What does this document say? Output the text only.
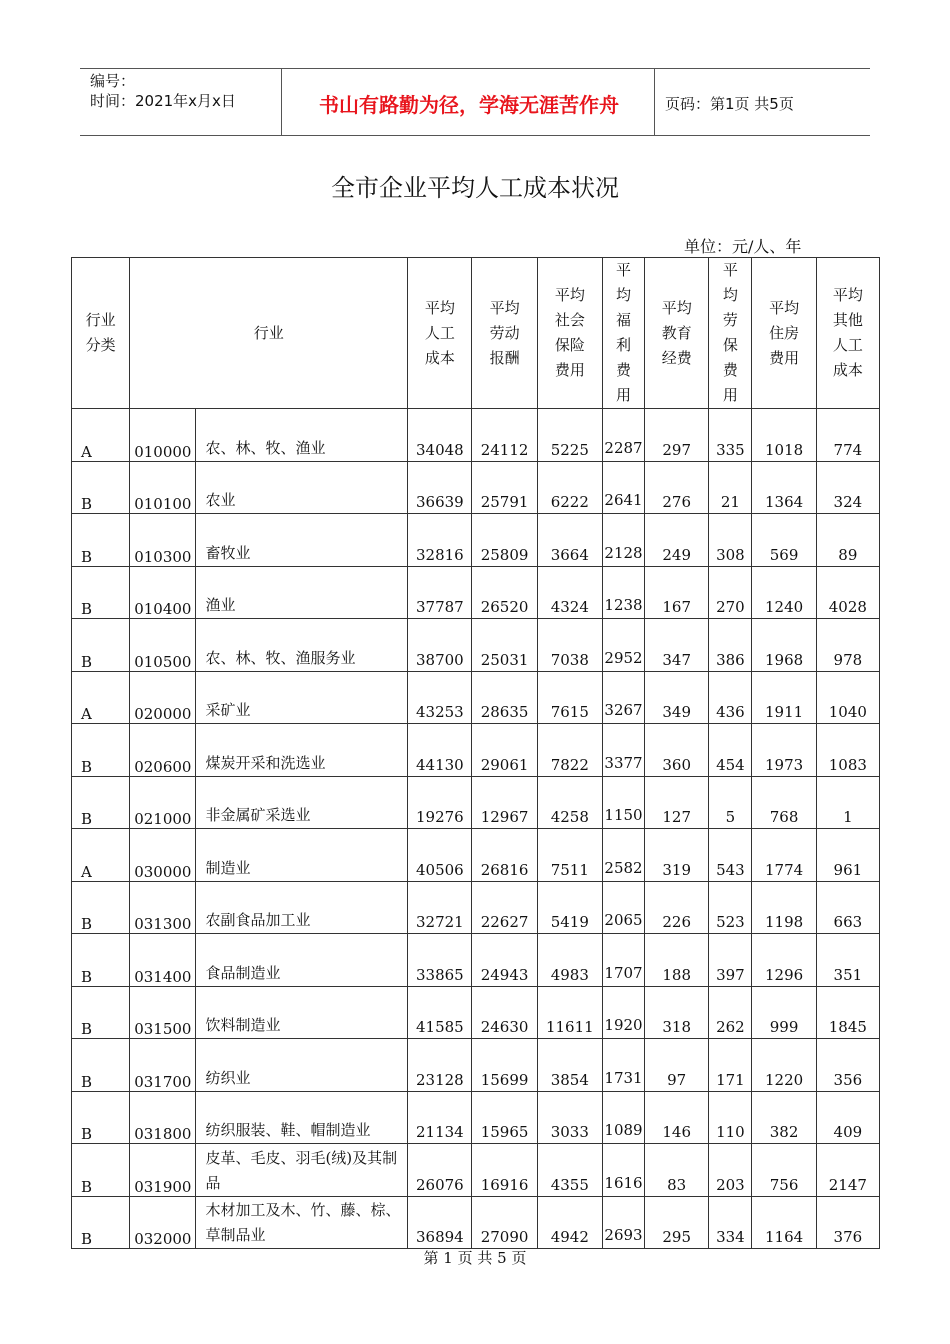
编号：
时间：2021年x月x日	书山有路勤为径，学海无涯苦作舟	页码：第1页 共5页
全市企业平均人工成本状况
单位：元/人、年
行业分类	行业		平均人工成本	平均劳动报酬	平均社会保险费用	平均福利费用	平均教育经费	平均劳保费用	平均住房费用	平均其他人工成本
A	010000	农、林、牧、渔业	34048	24112	5225	2287	297	335	1018	774
B	010100	农业	36639	25791	6222	2641	276	21	1364	324
B	010300	畜牧业	32816	25809	3664	2128	249	308	569	89
B	010400	渔业	37787	26520	4324	1238	167	270	1240	4028
B	010500	农、林、牧、渔服务业	38700	25031	7038	2952	347	386	1968	978
A	020000	采矿业	43253	28635	7615	3267	349	436	1911	1040
B	020600	煤炭开采和洗选业	44130	29061	7822	3377	360	454	1973	1083
B	021000	非金属矿采选业	19276	12967	4258	1150	127	5	768	1
A	030000	制造业	40506	26816	7511	2582	319	543	1774	961
B	031300	农副食品加工业	32721	22627	5419	2065	226	523	1198	663
B	031400	食品制造业	33865	24943	4983	1707	188	397	1296	351
B	031500	饮料制造业	41585	24630	11611	1920	318	262	999	1845
B	031700	纺织业	23128	15699	3854	1731	97	171	1220	356
B	031800	纺织服装、鞋、帽制造业	21134	15965	3033	1089	146	110	382	409
B	031900	皮革、毛皮、羽毛(绒)及其制品	26076	16916	4355	1616	83	203	756	2147
B	032000	木材加工及木、竹、藤、棕、草制品业	36894	27090	4942	2693	295	334	1164	376
第 1 页 共 5 页
